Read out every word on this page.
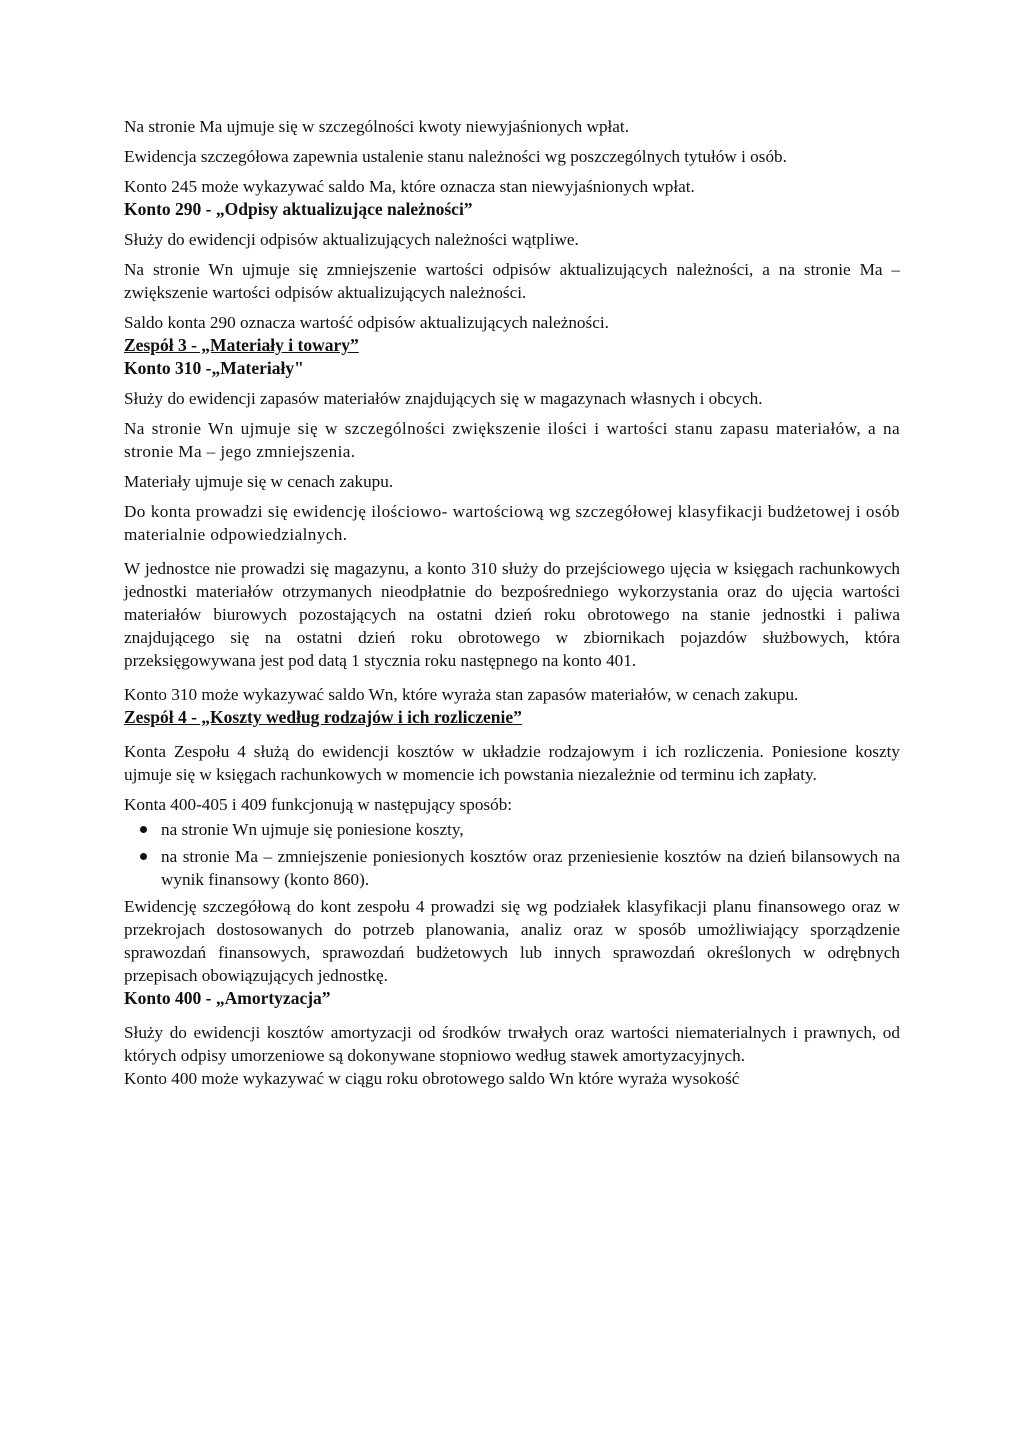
Na stronie Ma ujmuje się w szczególności kwoty niewyjaśnionych wpłat.

Ewidencja szczegółowa zapewnia ustalenie stanu należności wg poszczególnych tytułów i osób.

Konto 245 może wykazywać saldo Ma, które oznacza stan niewyjaśnionych wpłat.

Konto 290 - „Odpisy aktualizujące należności”

Służy do ewidencji odpisów aktualizujących należności wątpliwe.

Na stronie Wn ujmuje się zmniejszenie wartości odpisów aktualizujących należności, a na stronie Ma – zwiększenie wartości odpisów aktualizujących należności.

Saldo konta 290 oznacza wartość odpisów aktualizujących należności.

Zespół 3 - „Materiały i towary”

Konto 310 -„Materiały"

Służy do ewidencji zapasów materiałów znajdujących się w magazynach własnych i obcych.

Na stronie Wn ujmuje się w szczególności zwiększenie ilości i wartości stanu zapasu materiałów, a na stronie Ma – jego zmniejszenia.

Materiały ujmuje się w cenach zakupu.

Do konta prowadzi się ewidencję ilościowo- wartościową wg szczegółowej klasyfikacji budżetowej i osób materialnie odpowiedzialnych.

W jednostce nie prowadzi się magazynu, a konto 310 służy do przejściowego ujęcia w księgach rachunkowych jednostki materiałów otrzymanych nieodpłatnie do bezpośredniego wykorzystania oraz do ujęcia wartości materiałów biurowych pozostających na ostatni dzień roku obrotowego na stanie jednostki i paliwa znajdującego się na ostatni dzień roku obrotowego w zbiornikach pojazdów służbowych, która przeksięgowywana jest pod datą 1 stycznia roku następnego na konto 401.

Konto 310 może wykazywać saldo Wn, które wyraża stan zapasów materiałów, w cenach zakupu.

Zespół 4 - „Koszty według rodzajów i ich rozliczenie”

Konta Zespołu 4 służą do ewidencji kosztów w układzie rodzajowym i ich rozliczenia. Poniesione koszty ujmuje się w księgach rachunkowych w momencie ich powstania niezależnie od terminu ich zapłaty.

Konta 400-405 i 409 funkcjonują w następujący sposób:

na stronie Wn ujmuje się poniesione koszty,
na stronie Ma – zmniejszenie poniesionych kosztów oraz przeniesienie kosztów na dzień bilansowych na wynik finansowy (konto 860).

Ewidencję szczegółową do kont zespołu 4 prowadzi się wg podziałek klasyfikacji planu finansowego oraz w przekrojach dostosowanych do potrzeb planowania, analiz oraz w sposób umożliwiający sporządzenie sprawozdań finansowych, sprawozdań budżetowych lub innych sprawozdań określonych w odrębnych przepisach obowiązujących jednostkę.

Konto 400 - „Amortyzacja”

Służy do ewidencji kosztów amortyzacji od środków trwałych oraz wartości niematerialnych i prawnych, od których odpisy umorzeniowe są dokonywane stopniowo według stawek amortyzacyjnych.

Konto 400 może wykazywać w ciągu roku obrotowego saldo Wn które wyraża wysokość
